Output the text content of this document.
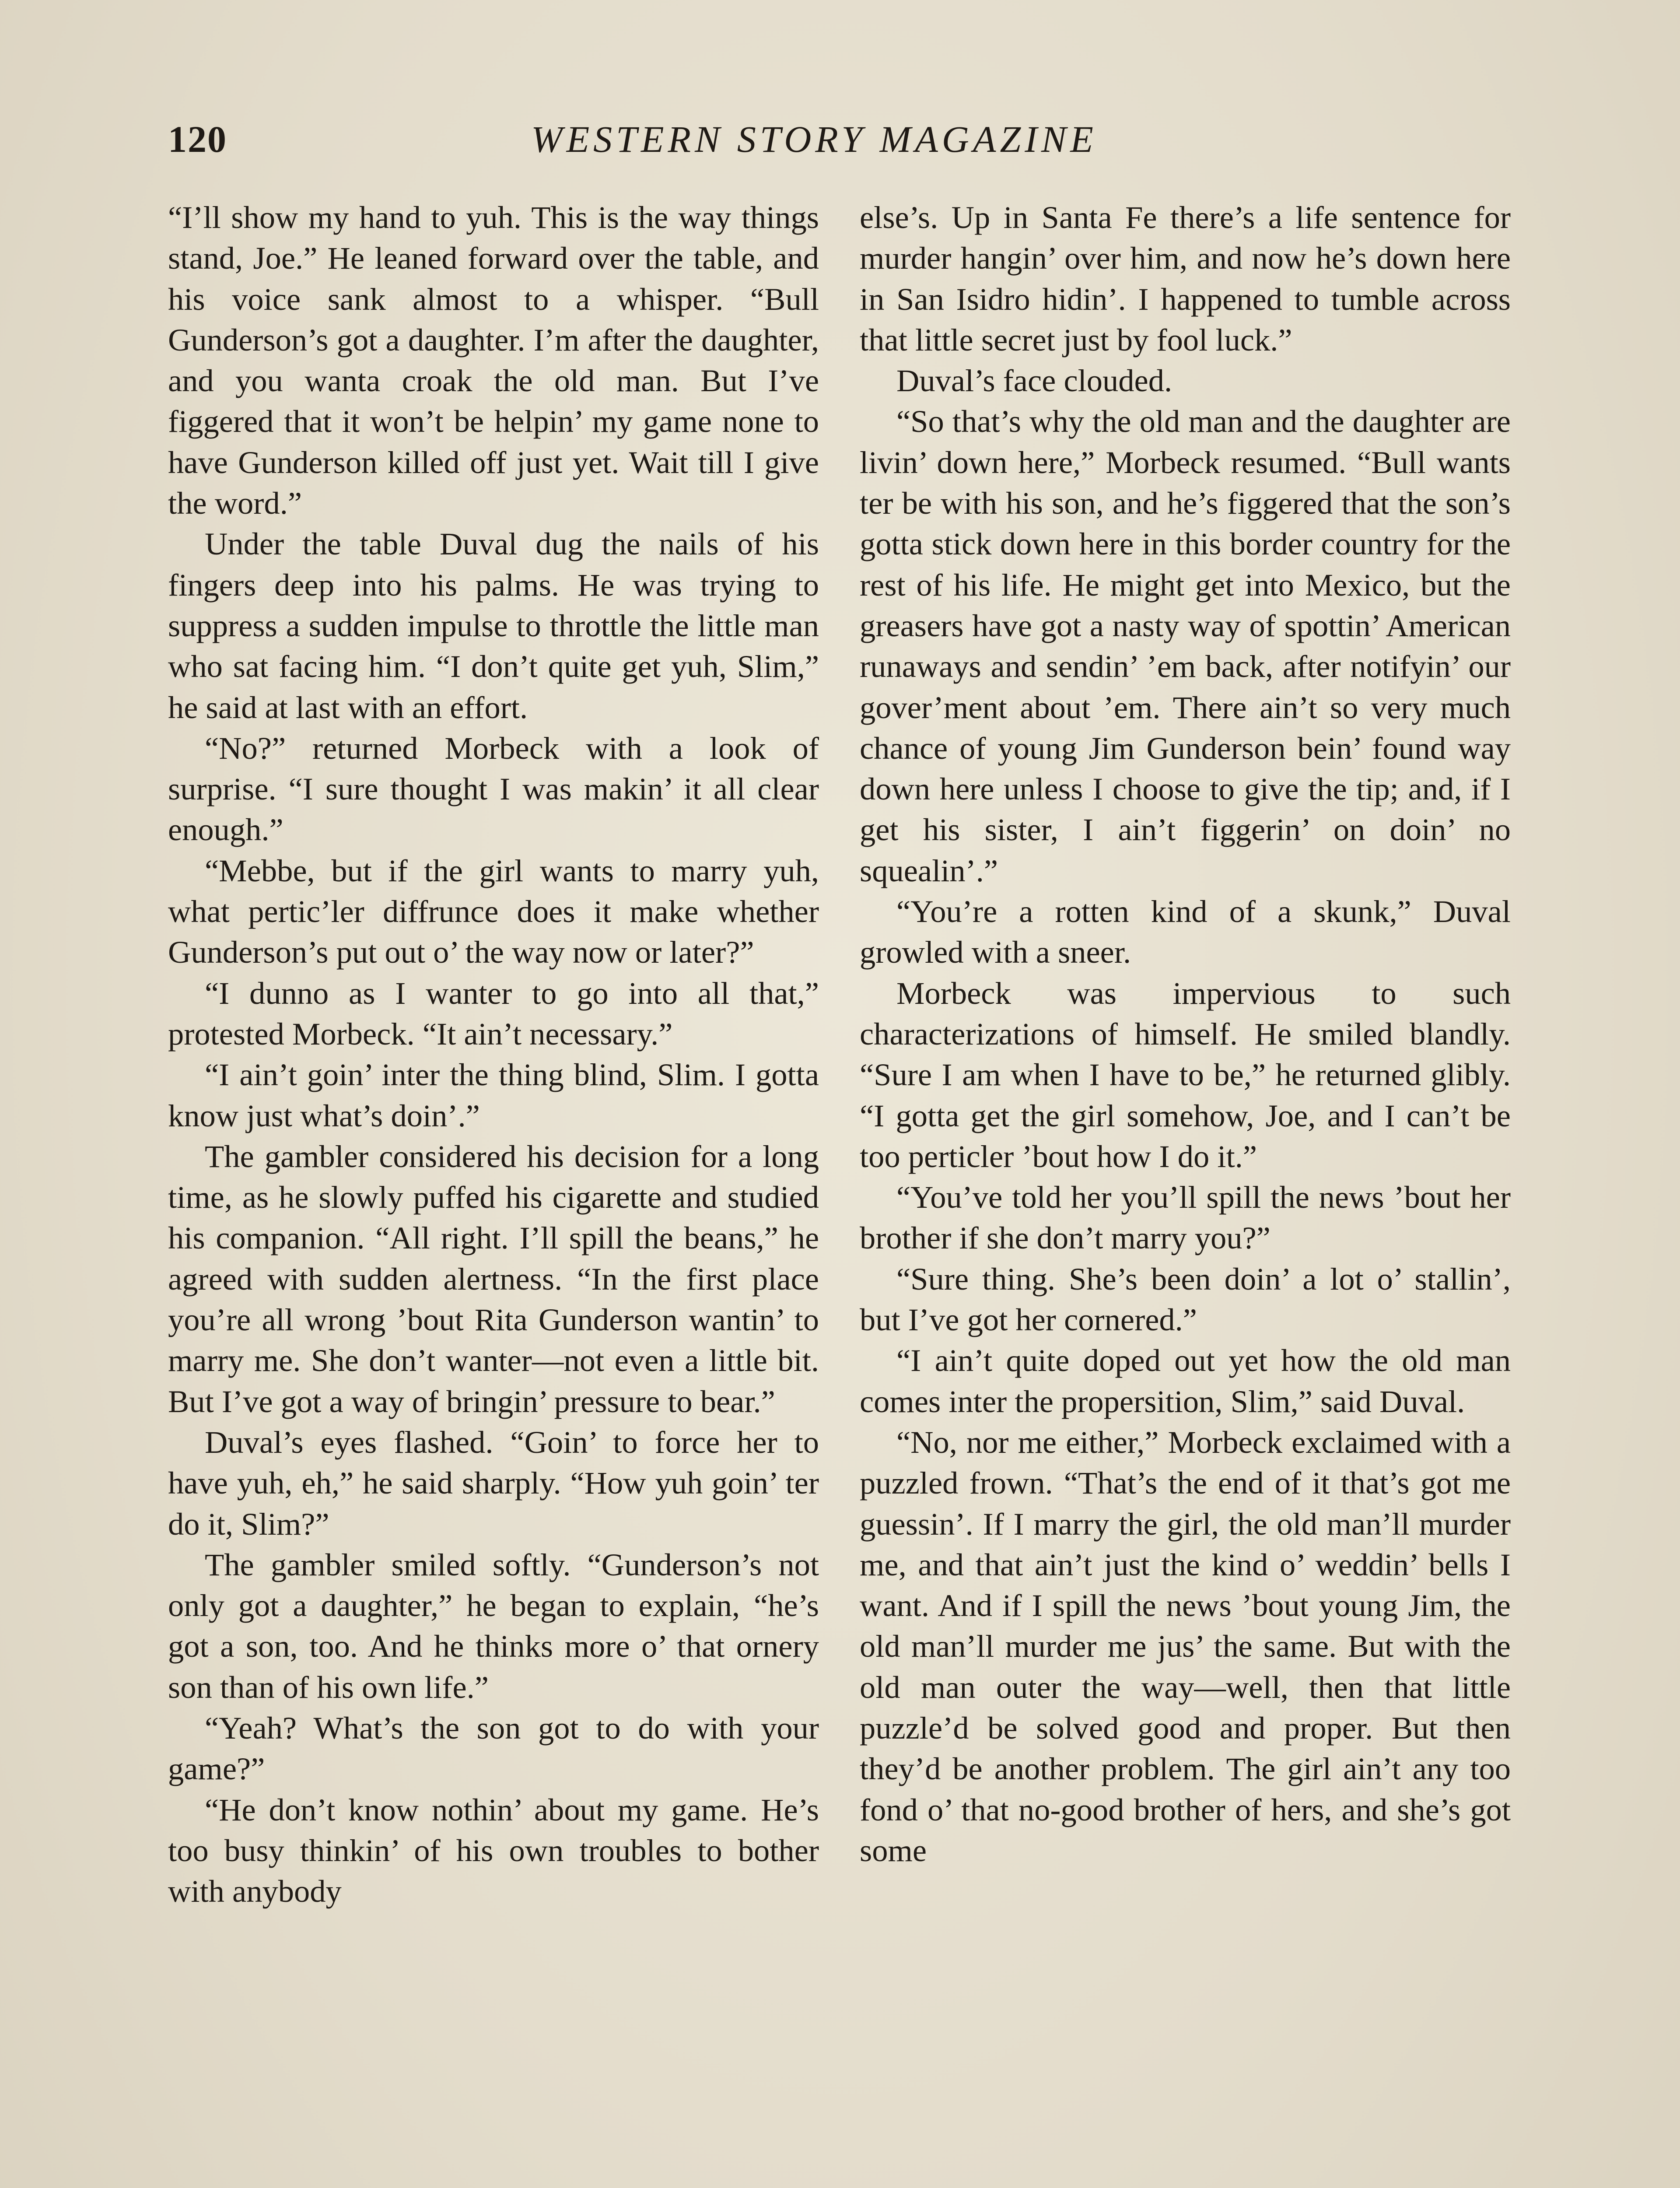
120	WESTERN STORY MAGAZINE

“I’ll show my hand to yuh. This is the way things stand, Joe.” He leaned forward over the table, and his voice sank almost to a whisper. “Bull Gunderson’s got a daughter. I’m after the daughter, and you wanta croak the old man. But I’ve figgered that it won’t be helpin’ my game none to have Gunderson killed off just yet. Wait till I give the word.”

Under the table Duval dug the nails of his fingers deep into his palms. He was trying to suppress a sudden impulse to throttle the little man who sat facing him. “I don’t quite get yuh, Slim,” he said at last with an effort.

“No?” returned Morbeck with a look of surprise. “I sure thought I was makin’ it all clear enough.”

“Mebbe, but if the girl wants to marry yuh, what pertic’ler diffrunce does it make whether Gunderson’s put out o’ the way now or later?”

“I dunno as I wanter to go into all that,” protested Morbeck. “It ain’t necessary.”

“I ain’t goin’ inter the thing blind, Slim. I gotta know just what’s doin’.”

The gambler considered his decision for a long time, as he slowly puffed his cigarette and studied his companion. “All right. I’ll spill the beans,” he agreed with sudden alertness. “In the first place you’re all wrong ’bout Rita Gunderson wantin’ to marry me. She don’t wanter—not even a little bit. But I’ve got a way of bringin’ pressure to bear.”

Duval’s eyes flashed. “Goin’ to force her to have yuh, eh,” he said sharply. “How yuh goin’ ter do it, Slim?”

The gambler smiled softly. “Gunderson’s not only got a daughter,” he began to explain, “he’s got a son, too. And he thinks more o’ that ornery son than of his own life.”

“Yeah? What’s the son got to do with your game?”

“He don’t know nothin’ about my game. He’s too busy thinkin’ of his own troubles to bother with anybody

else’s. Up in Santa Fe there’s a life sentence for murder hangin’ over him, and now he’s down here in San Isidro hidin’. I happened to tumble across that little secret just by fool luck.”

Duval’s face clouded.

“So that’s why the old man and the daughter are livin’ down here,” Morbeck resumed. “Bull wants ter be with his son, and he’s figgered that the son’s gotta stick down here in this border country for the rest of his life. He might get into Mexico, but the greasers have got a nasty way of spottin’ American runaways and sendin’ ’em back, after notifyin’ our gover’ment about ’em. There ain’t so very much chance of young Jim Gunderson bein’ found way down here unless I choose to give the tip; and, if I get his sister, I ain’t figgerin’ on doin’ no squealin’.”

“You’re a rotten kind of a skunk,” Duval growled with a sneer.

Morbeck was impervious to such characterizations of himself. He smiled blandly. “Sure I am when I have to be,” he returned glibly. “I gotta get the girl somehow, Joe, and I can’t be too perticler ’bout how I do it.”

“You’ve told her you’ll spill the news ’bout her brother if she don’t marry you?”

“Sure thing. She’s been doin’ a lot o’ stallin’, but I’ve got her cornered.”

“I ain’t quite doped out yet how the old man comes inter the propersition, Slim,” said Duval.

“No, nor me either,” Morbeck exclaimed with a puzzled frown. “That’s the end of it that’s got me guessin’. If I marry the girl, the old man’ll murder me, and that ain’t just the kind o’ weddin’ bells I want. And if I spill the news ’bout young Jim, the old man’ll murder me jus’ the same. But with the old man outer the way—well, then that little puzzle’d be solved good and proper. But then they’d be another problem. The girl ain’t any too fond o’ that no-good brother of hers, and she’s got some
